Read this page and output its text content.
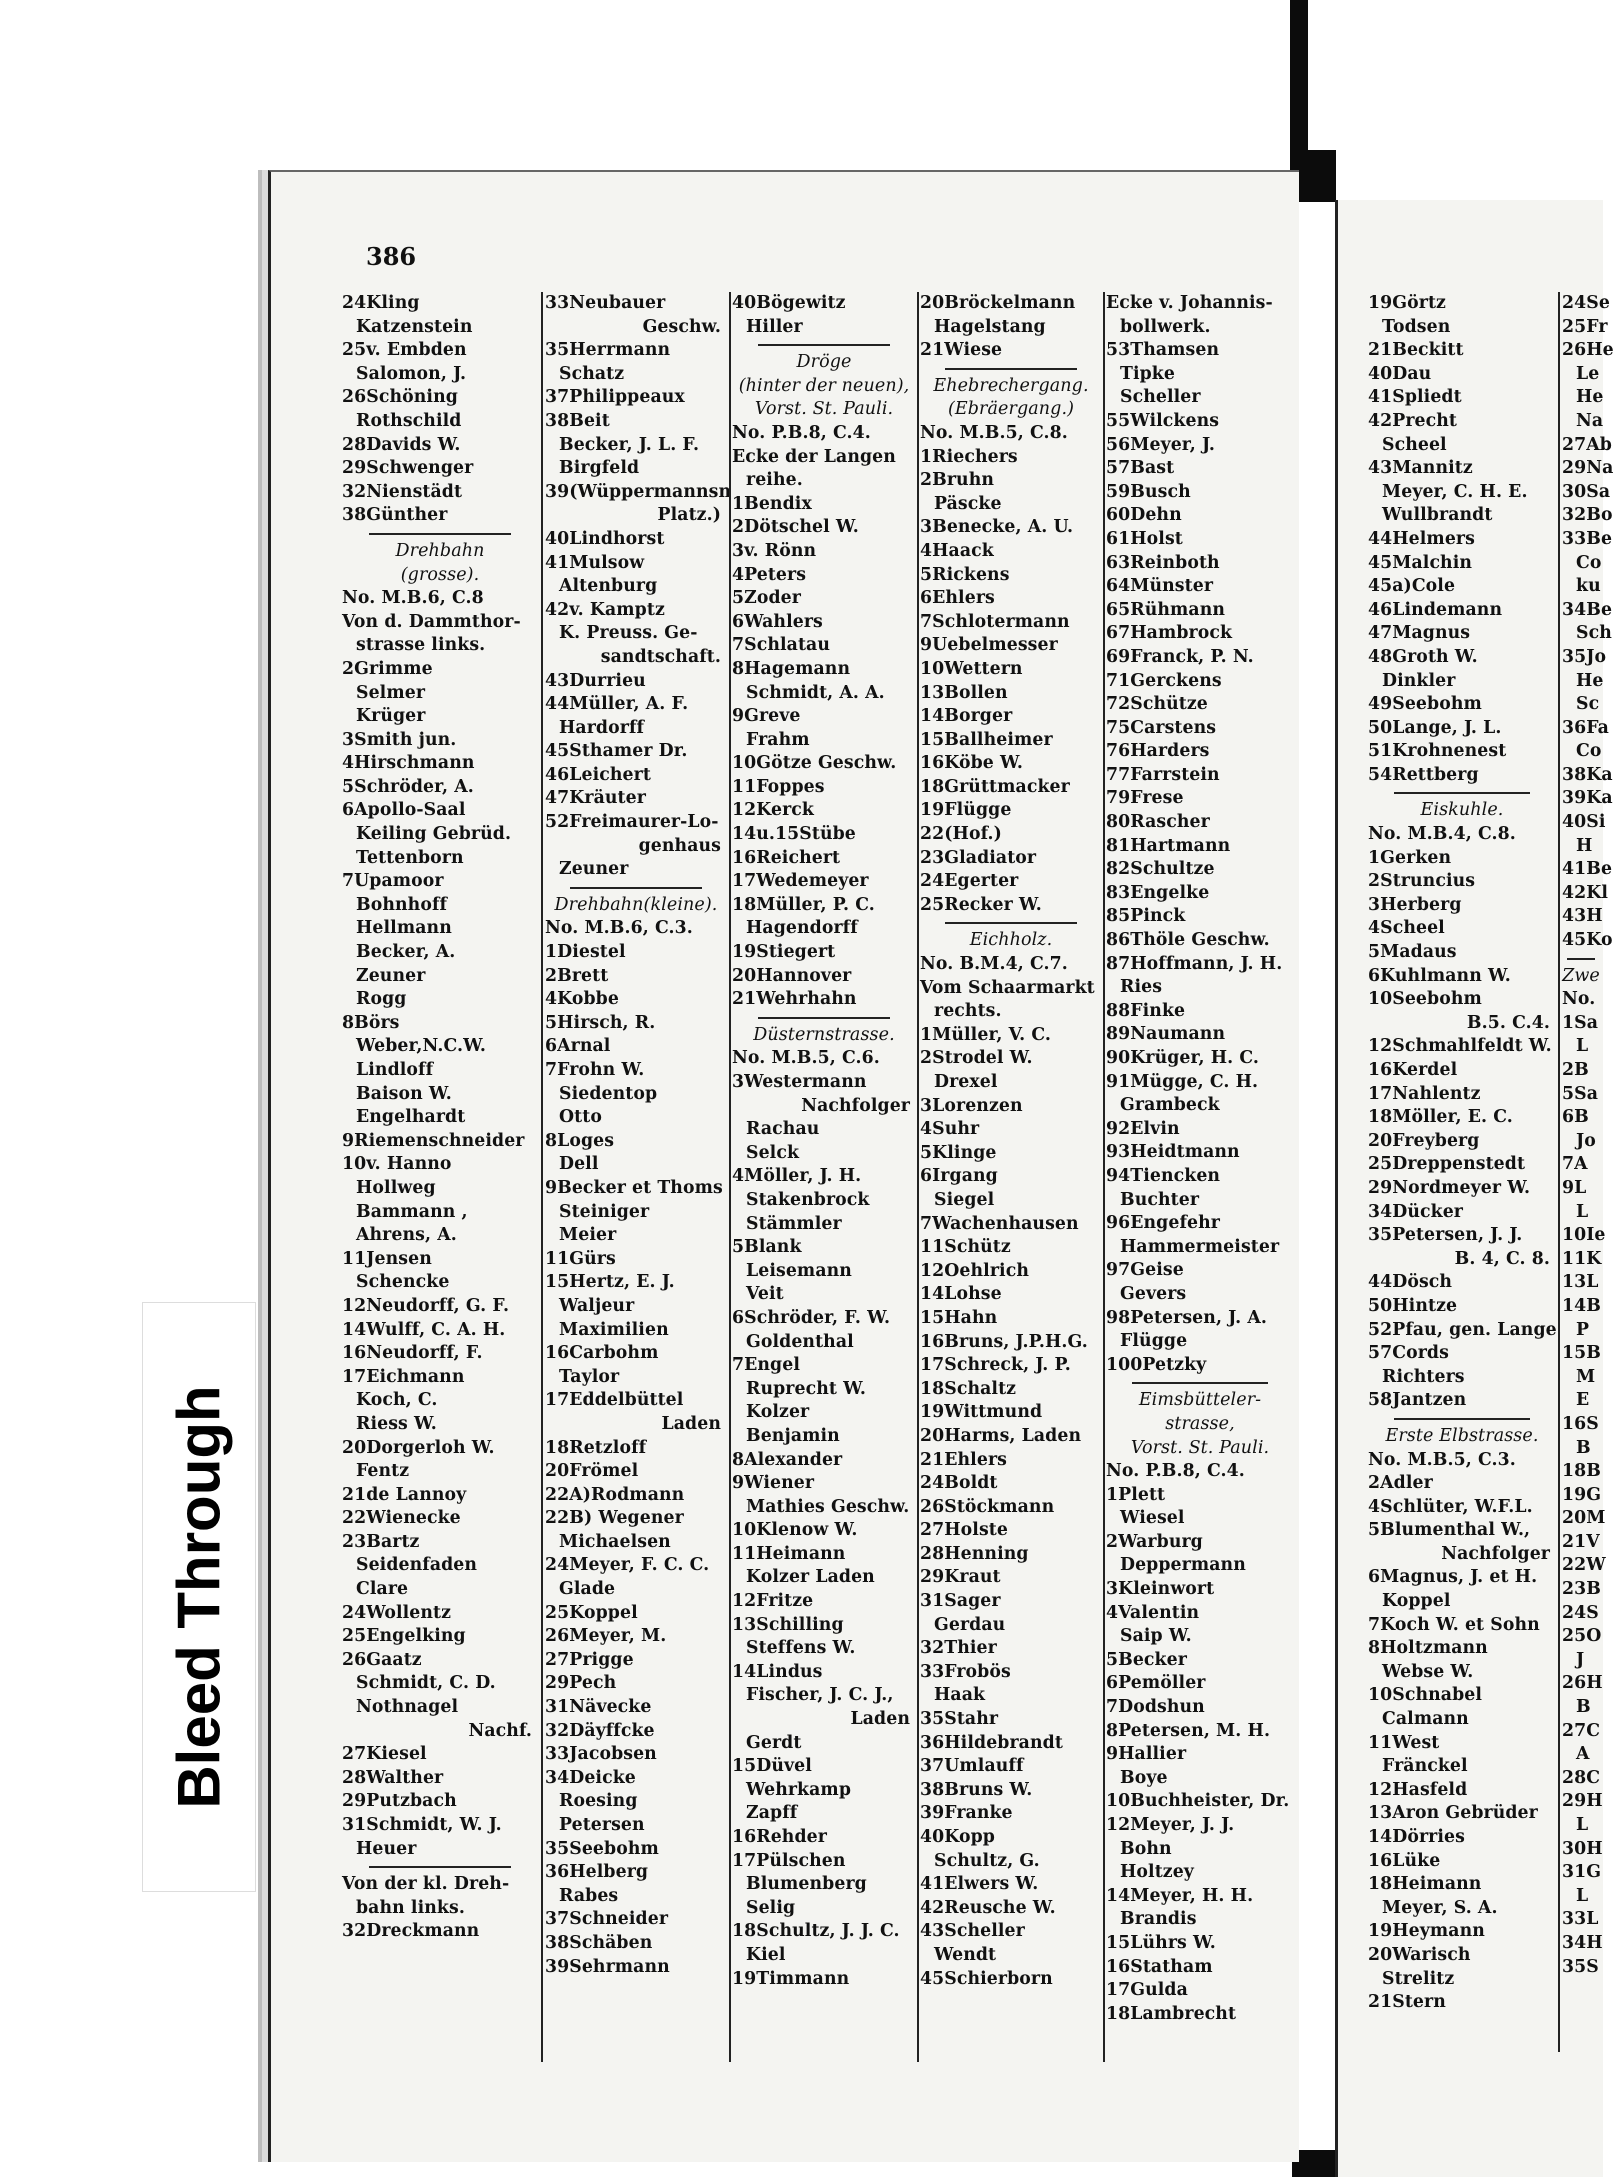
386
24Kling
Katzenstein
25v. Embden
Salomon, J.
26Schöning
Rothschild
28Davids W.
29Schwenger
32Nienstädt
38Günther
Drehbahn
(grosse).
No. M.B.6, C.8
Von d. Dammthor-
strasse links.
2Grimme
Selmer
Krüger
3Smith jun.
4Hirschmann
5Schröder, A.
6Apollo-Saal
Keiling Gebrüd.
Tettenborn
7Upamoor
Bohnhoff
Hellmann
Becker, A.
Zeuner
Rogg
8Börs
Weber,N.C.W.
Lindloff
Baison W.
Engelhardt
9Riemenschneider
10v. Hanno
Hollweg
Bammann ,
Ahrens, A.
11Jensen
Schencke
12Neudorff, G. F.
14Wulff, C. A. H.
16Neudorff, F.
17Eichmann
Koch, C.
Riess W.
20Dorgerloh W.
Fentz
21de Lannoy
22Wienecke
23Bartz
Seidenfaden
Clare
24Wollentz
25Engelking
26Gaatz
Schmidt, C. D.
Nothnagel
Nachf.
27Kiesel
28Walther
29Putzbach
31Schmidt, W. J.
Heuer
Von der kl. Dreh-
bahn links.
32Dreckmann
33Neubauer
Geschw.
35Herrmann
Schatz
37Philippeaux
38Beit
Becker, J. L. F.
Birgfeld
39(Wüppermannsn
Platz.)
40Lindhorst
41Mulsow
Altenburg
42v. Kamptz
K. Preuss. Ge-
sandtschaft.
43Durrieu
44Müller, A. F.
Hardorff
45Sthamer Dr.
46Leichert
47Kräuter
52Freimaurer-Lo-
genhaus
Zeuner
Drehbahn(kleine).
No. M.B.6, C.3.
1Diestel
2Brett
4Kobbe
5Hirsch, R.
6Arnal
7Frohn W.
Siedentop
Otto
8Loges
Dell
9Becker et Thoms
Steiniger
Meier
11Gürs
15Hertz, E. J.
Waljeur
Maximilien
16Carbohm
Taylor
17Eddelbüttel
Laden
18Retzloff
20Frömel
22A)Rodmann
22B) Wegener
Michaelsen
24Meyer, F. C. C.
Glade
25Koppel
26Meyer, M.
27Prigge
29Pech
31Nävecke
32Däyffcke
33Jacobsen
34Deicke
Roesing
Petersen
35Seebohm
36Helberg
Rabes
37Schneider
38Schäben
39Sehrmann
40Bögewitz
Hiller
Dröge
(hinter der neuen),
Vorst. St. Pauli.
No. P.B.8, C.4.
Ecke der Langen
reihe.
1Bendix
2Dötschel W.
3v. Rönn
4Peters
5Zoder
6Wahlers
7Schlatau
8Hagemann
Schmidt, A. A.
9Greve
Frahm
10Götze Geschw.
11Foppes
12Kerck
14u.15Stübe
16Reichert
17Wedemeyer
18Müller, P. C.
Hagendorff
19Stiegert
20Hannover
21Wehrhahn
Düsternstrasse.
No. M.B.5, C.6.
3Westermann
Nachfolger
Rachau
Selck
4Möller, J. H.
Stakenbrock
Stämmler
5Blank
Leisemann
Veit
6Schröder, F. W.
Goldenthal
7Engel
Ruprecht W.
Kolzer
Benjamin
8Alexander
9Wiener
Mathies Geschw.
10Klenow W.
11Heimann
Kolzer Laden
12Fritze
13Schilling
Steffens W.
14Lindus
Fischer, J. C. J.,
Laden
Gerdt
15Düvel
Wehrkamp
Zapff
16Rehder
17Pülschen
Blumenberg
Selig
18Schultz, J. J. C.
Kiel
19Timmann
20Bröckelmann
Hagelstang
21Wiese
Ehebrechergang.
(Ebräergang.)
No. M.B.5, C.8.
1Riechers
2Bruhn
Päscke
3Benecke, A. U.
4Haack
5Rickens
6Ehlers
7Schlotermann
9Uebelmesser
10Wettern
13Bollen
14Borger
15Ballheimer
16Köbe W.
18Grüttmacker
19Flügge
22(Hof.)
23Gladiator
24Egerter
25Recker W.
Eichholz.
No. B.M.4, C.7.
Vom Schaarmarkt
rechts.
1Müller, V. C.
2Strodel W.
Drexel
3Lorenzen
4Suhr
5Klinge
6Irgang
Siegel
7Wachenhausen
11Schütz
12Oehlrich
14Lohse
15Hahn
16Bruns, J.P.H.G.
17Schreck, J. P.
18Schaltz
19Wittmund
20Harms, Laden
21Ehlers
24Boldt
26Stöckmann
27Holste
28Henning
29Kraut
31Sager
Gerdau
32Thier
33Frobös
Haak
35Stahr
36Hildebrandt
37Umlauff
38Bruns W.
39Franke
40Kopp
Schultz, G.
41Elwers W.
42Reusche W.
43Scheller
Wendt
45Schierborn
Ecke v. Johannis-
bollwerk.
53Thamsen
Tipke
Scheller
55Wilckens
56Meyer, J.
57Bast
59Busch
60Dehn
61Holst
63Reinboth
64Münster
65Rühmann
67Hambrock
69Franck, P. N.
71Gerckens
72Schütze
75Carstens
76Harders
77Farrstein
79Frese
80Rascher
81Hartmann
82Schultze
83Engelke
85Pinck
86Thöle Geschw.
87Hoffmann, J. H.
Ries
88Finke
89Naumann
90Krüger, H. C.
91Mügge, C. H.
Grambeck
92Elvin
93Heidtmann
94Tiencken
Buchter
96Engefehr
Hammermeister
97Geise
Gevers
98Petersen, J. A.
Flügge
100Petzky
Eimsbütteler-
strasse,
Vorst. St. Pauli.
No. P.B.8, C.4.
1Plett
Wiesel
2Warburg
Deppermann
3Kleinwort
4Valentin
Saip W.
5Becker
6Pemöller
7Dodshun
8Petersen, M. H.
9Hallier
Boye
10Buchheister, Dr.
12Meyer, J. J.
Bohn
Holtzey
14Meyer, H. H.
Brandis
15Lührs W.
16Statham
17Gulda
18Lambrecht
19Görtz
Todsen
21Beckitt
40Dau
41Spliedt
42Precht
Scheel
43Mannitz
Meyer, C. H. E.
Wullbrandt
44Helmers
45Malchin
45a)Cole
46Lindemann
47Magnus
48Groth W.
Dinkler
49Seebohm
50Lange, J. L.
51Krohnenest
54Rettberg
Eiskuhle.
No. M.B.4, C.8.
1Gerken
2Struncius
3Herberg
4Scheel
5Madaus
6Kuhlmann W.
10Seebohm
B.5. C.4.
12Schmahlfeldt W.
16Kerdel
17Nahlentz
18Möller, E. C.
20Freyberg
25Dreppenstedt
29Nordmeyer W.
34Dücker
35Petersen, J. J.
B. 4, C. 8.
44Dösch
50Hintze
52Pfau, gen. Lange
57Cords
Richters
58Jantzen
Erste Elbstrasse.
No. M.B.5, C.3.
2Adler
4Schlüter, W.F.L.
5Blumenthal W.,
Nachfolger
6Magnus, J. et H.
Koppel
7Koch W. et Sohn
8Holtzmann
Webse W.
10Schnabel
Calmann
11West
Fränckel
12Hasfeld
13Aron Gebrüder
14Dörries
16Lüke
18Heimann
Meyer, S. A.
19Heymann
20Warisch
Strelitz
21Stern
24Se
25Fr
26He
Le
He
Na
27Ab
29Na
30Sa
32Bo
33Be
Co
ku
34Be
Sch
35Jo
He
Sc
36Fa
Co
38Ka
39Ka
40Si
H
41Be
42Kl
43H
45Ko
Zwe
No.
1Sa
L
2B
5Sa
6B
Jo
7A
9L
L
10Ie
11K
13L
14B
P
15B
M
E
16S
B
18B
19G
20M
21V
22W
23B
24S
25O
J
26H
B
27C
A
28C
29H
L
30H
31G
L
33L
34H
35S
Bleed Through
